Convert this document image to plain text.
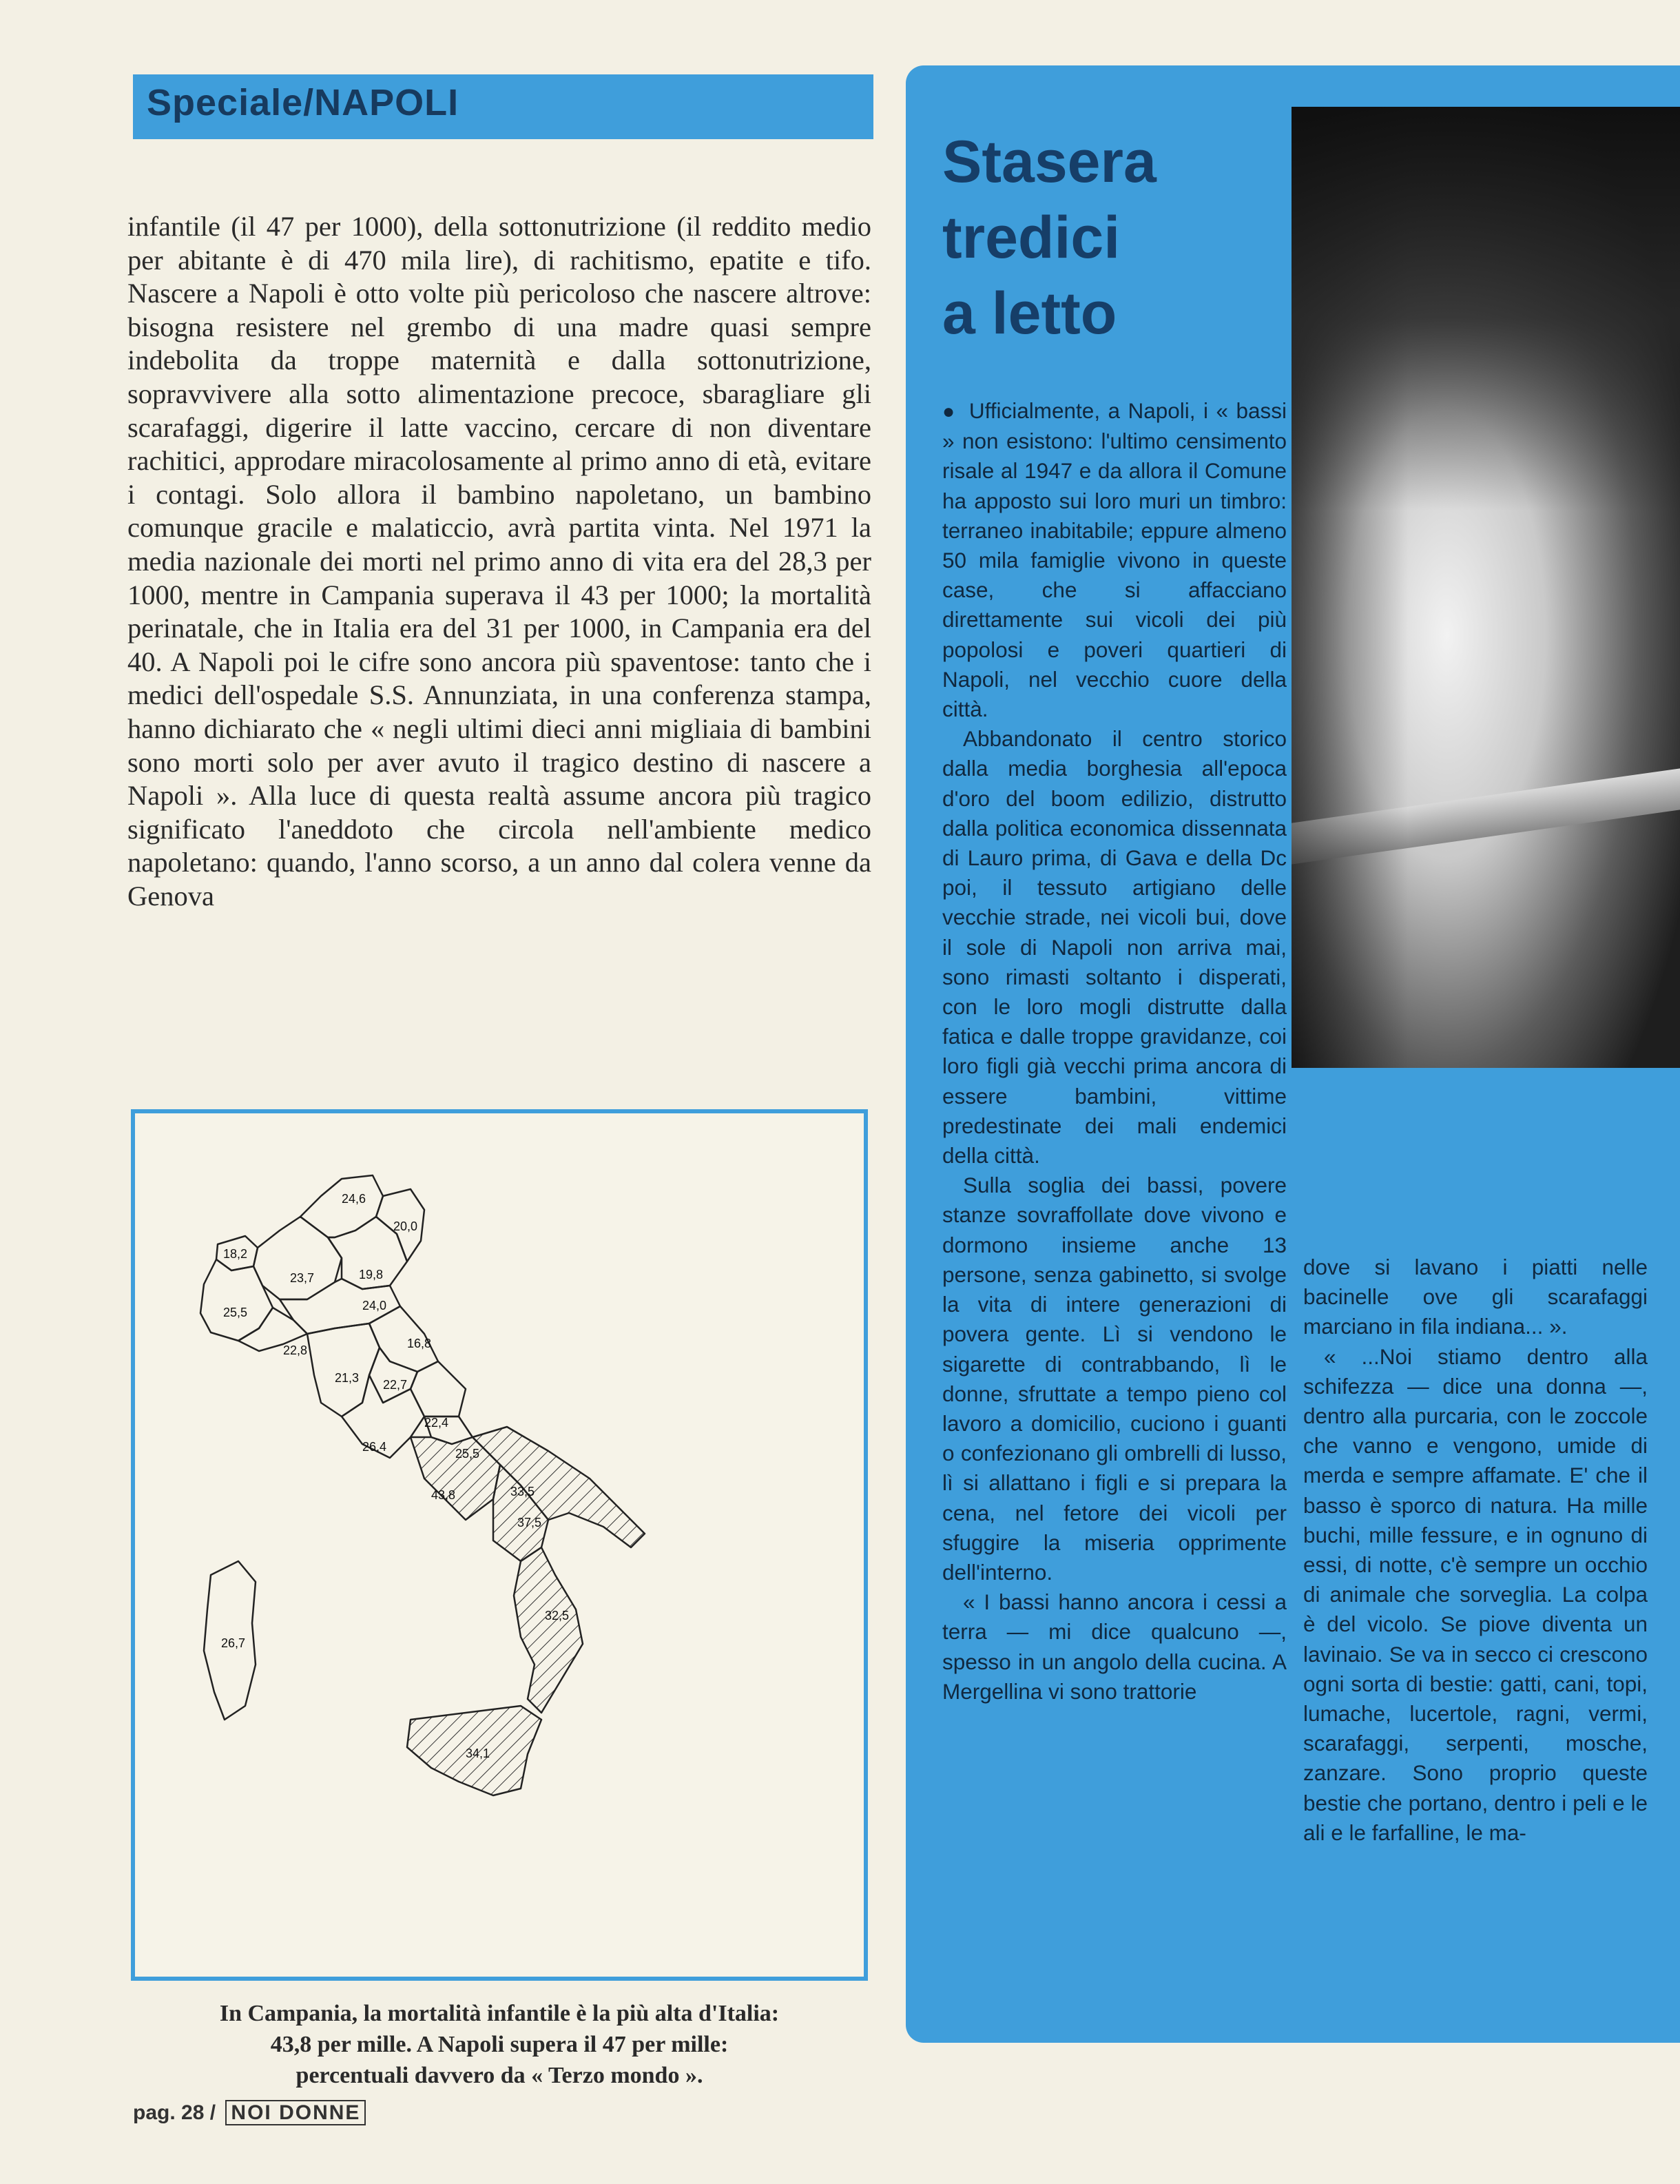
Speciale/NAPOLI

infantile (il 47 per 1000), della sottonutrizione (il reddito medio per abitante è di 470 mila lire), di rachitismo, epatite e tifo. Nascere a Napoli è otto volte più pericoloso che nascere altrove: bisogna resistere nel grembo di una madre quasi sempre indebolita da troppe maternità e dalla sottonutrizione, sopravvivere alla sotto alimentazione precoce, sbaragliare gli scarafaggi, digerire il latte vaccino, cercare di non diventare rachitici, approdare miracolosamente al primo anno di età, evitare i contagi. Solo allora il bambino napoletano, un bambino comunque gracile e malaticcio, avrà partita vinta. Nel 1971 la media nazionale dei morti nel primo anno di vita era del 28,3 per 1000, mentre in Campania superava il 43 per 1000; la mortalità perinatale, che in Italia era del 31 per 1000, in Campania era del 40. A Napoli poi le cifre sono ancora più spaventose: tanto che i medici dell'ospedale S.S. Annunziata, in una conferenza stampa, hanno dichiarato che « negli ultimi dieci anni migliaia di bambini sono morti solo per aver avuto il tragico destino di nascere a Napoli ». Alla luce di questa realtà assume ancora più tragico significato l'aneddoto che circola nell'ambiente medico napoletano: quando, l'anno scorso, a un anno dal colera venne da Genova

18,2
25,5
23,7
24,6
19,8
20,0
22,8
24,0
21,3
16,8
22,7
22,4
26,4	25,5
43,8	33,5
37,5
26,7
32,5
34,1
In Campania, la mortalità infantile è la più alta d'Italia:
43,8 per mille. A Napoli supera il 47 per mille:
percentuali davvero da « Terzo mondo ».
pag. 28 / NOI DONNE
Stasera
tredici
a letto

● Ufficialmente, a Napoli, i « bassi » non esistono: l'ultimo censimento risale al 1947 e da allora il Comune ha apposto sui loro muri un timbro: terraneo inabitabile; eppure almeno 50 mila famiglie vivono in queste case, che si affacciano direttamente sui vicoli dei più popolosi e poveri quartieri di Napoli, nel vecchio cuore della città.

Abbandonato il centro storico dalla media borghesia all'epoca d'oro del boom edilizio, distrutto dalla politica economica dissennata di Lauro prima, di Gava e della Dc poi, il tessuto artigiano delle vecchie strade, nei vicoli bui, dove il sole di Napoli non arriva mai, sono rimasti soltanto i disperati, con le loro mogli distrutte dalla fatica e dalle troppe gravidanze, coi loro figli già vecchi prima ancora di essere bambini, vittime predestinate dei mali endemici della città.

Sulla soglia dei bassi, povere stanze sovraffollate dove vivono e dormono insieme anche 13 persone, senza gabinetto, si svolge la vita di intere generazioni di povera gente. Lì si vendono le sigarette di contrabbando, lì le donne, sfruttate a tempo pieno col lavoro a domicilio, cuciono i guanti o confezionano gli ombrelli di lusso, lì si allattano i figli e si prepara la cena, nel fetore dei vicoli per sfuggire la miseria opprimente dell'interno.

« I bassi hanno ancora i cessi a terra — mi dice qualcuno —, spesso in un angolo della cucina. A Mergellina vi sono trattorie

dove si lavano i piatti nelle bacinelle ove gli scarafaggi marciano in fila indiana... ».

« ...Noi stiamo dentro alla schifezza — dice una donna —, dentro alla purcaria, con le zoccole che vanno e vengono, umide di merda e sempre affamate. E' che il basso è sporco di natura. Ha mille buchi, mille fessure, e in ognuno di essi, di notte, c'è sempre un occhio di animale che sorveglia. La colpa è del vicolo. Se piove diventa un lavinaio. Se va in secco ci crescono ogni sorta di bestie: gatti, cani, topi, lumache, lucertole, ragni, vermi, scarafaggi, serpenti, mosche, zanzare. Sono proprio queste bestie che portano, dentro i peli e le ali e le farfalline, le ma-
